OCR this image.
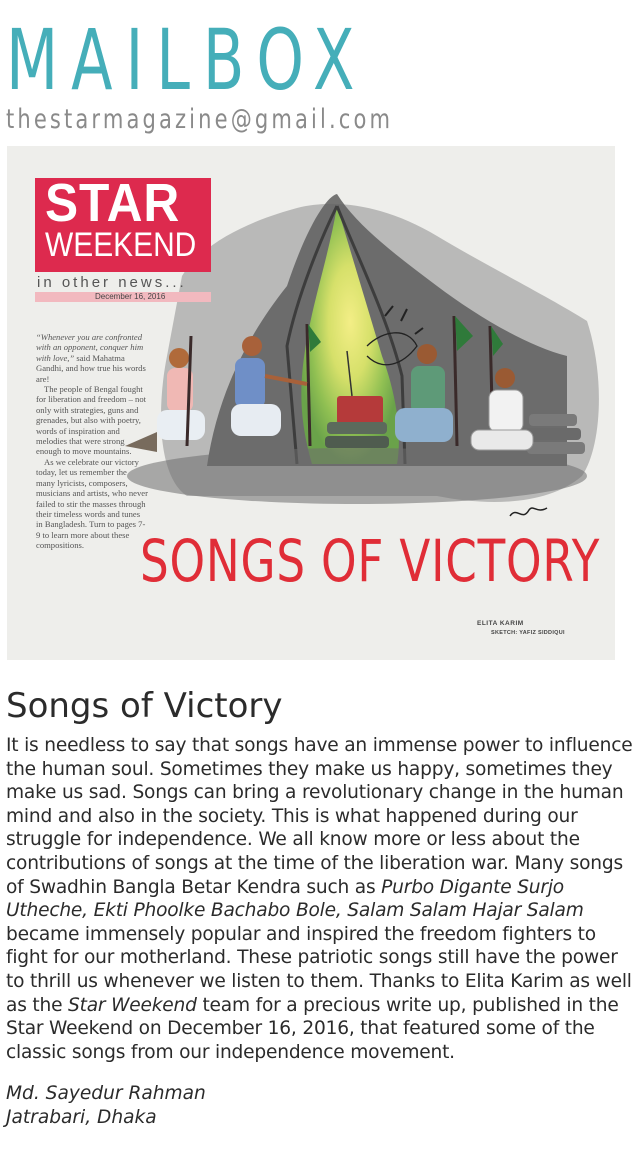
MAILBOX
thestarmagazine@gmail.com
STAR
WEEKEND
in other news...
December 16, 2016

“Whenever you are confronted with an opponent, conquer him with love,” said Mahatma Gandhi, and how true his words are!

The people of Bengal fought for liberation and freedom – not only with strategies, guns and grenades, but also with poetry, words of inspiration and melodies that were strong enough to move mountains.

As we celebrate our victory today, let us remember the many lyricists, composers, musicians and artists, who never failed to stir the masses through their timeless words and tunes in Bangladesh. Turn to pages 7-9 to learn more about these compositions. SONGS OF VICTORY
ELITA KARIM
SKETCH: YAFIZ SIDDIQUI
Songs of Victory

It is needless to say that songs have an immense power to influence the human soul. Sometimes they make us happy, sometimes they make us sad. Songs can bring a revolutionary change in the human mind and also in the society. This is what happened during our struggle for independence. We all know more or less about the contributions of songs at the time of the liberation war. Many songs of Swadhin Bangla Betar Kendra such as Purbo Digante Surjo Utheche, Ekti Phoolke Bachabo Bole, Salam Salam Hajar Salam became immensely popular and inspired the freedom fighters to fight for our motherland. These patriotic songs still have the power to thrill us whenever we listen to them. Thanks to Elita Karim as well as the Star Weekend team for a precious write up, published in the Star Weekend on December 16, 2016, that featured some of the classic songs from our independence movement.

Md. Sayedur Rahman
Jatrabari, Dhaka
